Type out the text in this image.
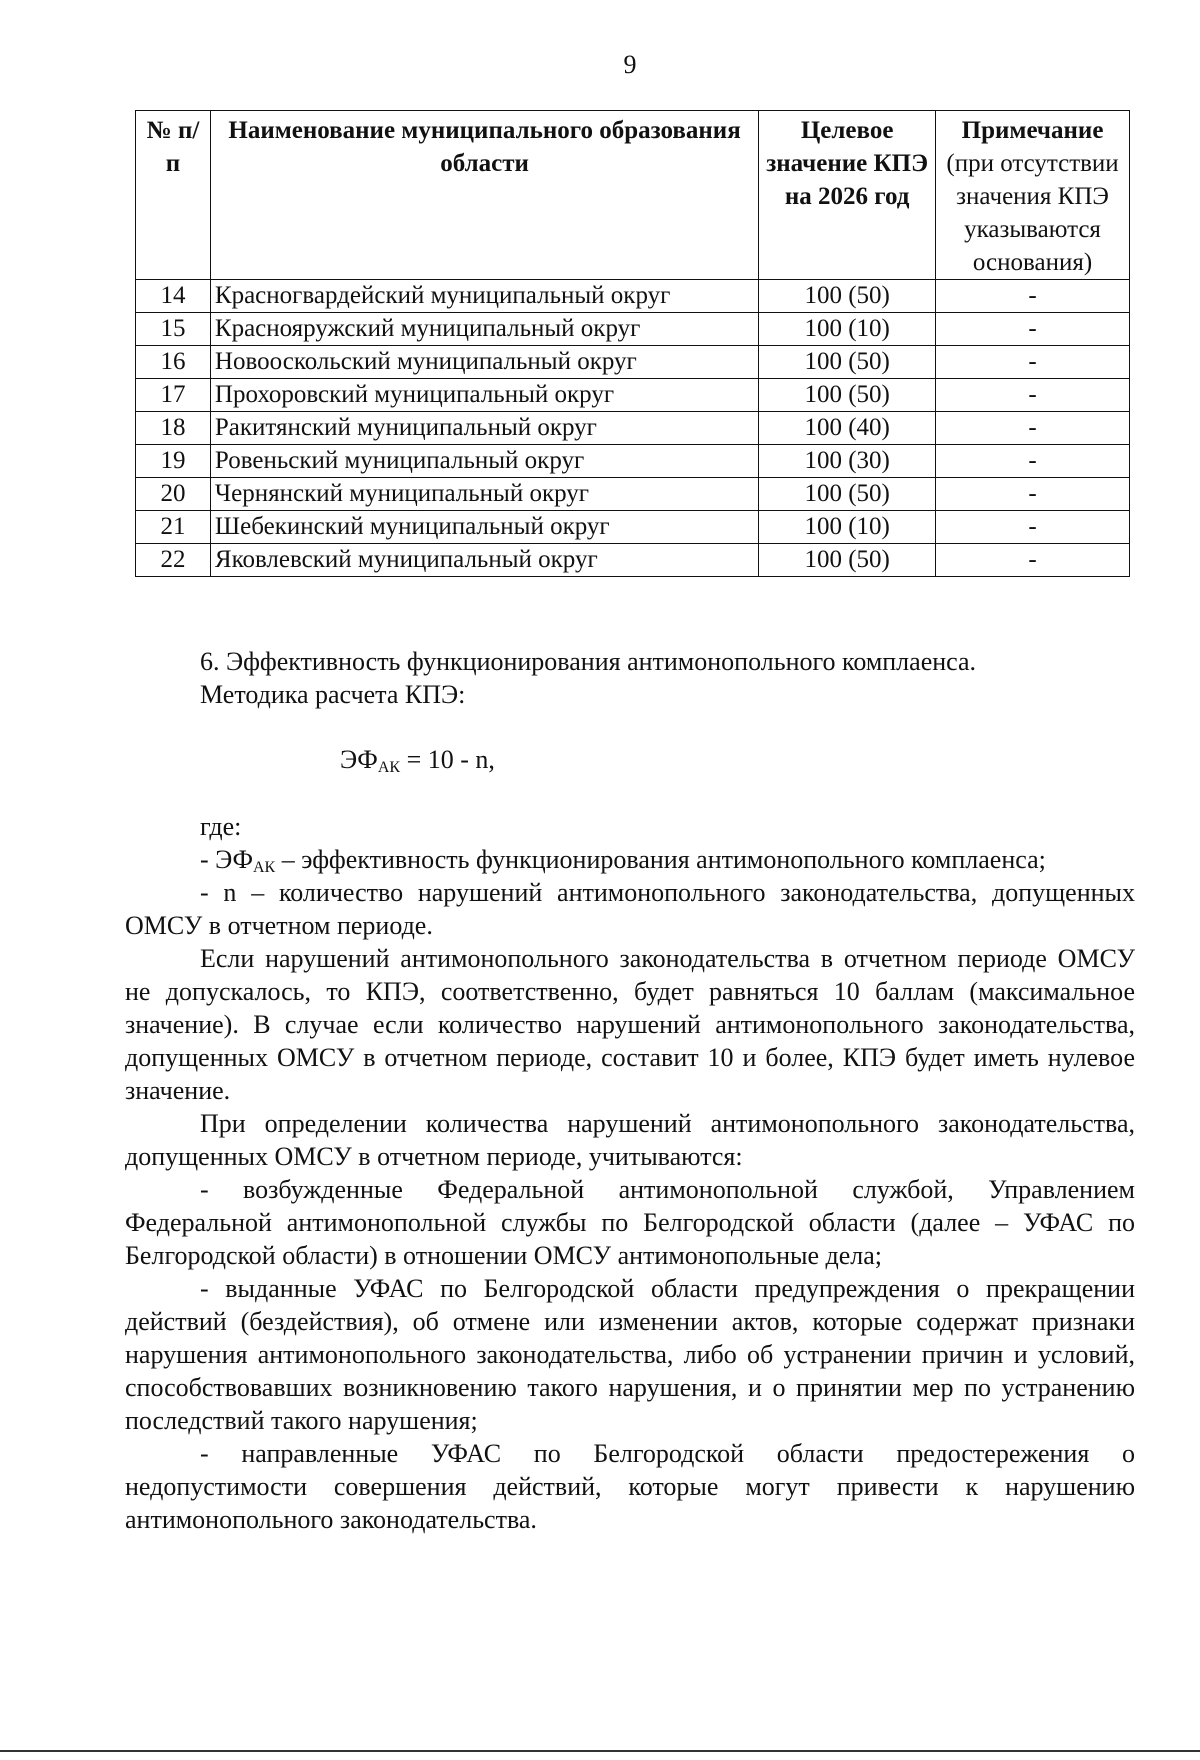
9
№ п/п	Наименование муниципального образования области	Целевое значение КПЭ на 2026 год	Примечание (при отсутствии значения КПЭ указываются основания)
14	Красногвардейский муниципальный округ	100 (50)	-
15	Краснояружский муниципальный округ	100 (10)	-
16	Новооскольский муниципальный округ	100 (50)	-
17	Прохоровский муниципальный округ	100 (50)	-
18	Ракитянский муниципальный округ	100 (40)	-
19	Ровеньский муниципальный округ	100 (30)	-
20	Чернянский муниципальный округ	100 (50)	-
21	Шебекинский муниципальный округ	100 (10)	-
22	Яковлевский муниципальный округ	100 (50)	-

6. Эффективность функционирования антимонопольного комплаенса.

Методика расчета КПЭ:

$ЭФ_{АК} = 10 - n$,

где:

- $ЭФ_{АК}$ – эффективность функционирования антимонопольного комплаенса;

- n – количество нарушений антимонопольного законодательства, допущенных ОМСУ в отчетном периоде.

Если нарушений антимонопольного законодательства в отчетном периоде ОМСУ не допускалось, то КПЭ, соответственно, будет равняться 10 баллам (максимальное значение). В случае если количество нарушений антимонопольного законодательства, допущенных ОМСУ в отчетном периоде, составит 10 и более, КПЭ будет иметь нулевое значение.

При определении количества нарушений антимонопольного законодательства, допущенных ОМСУ в отчетном периоде, учитываются:

- возбужденные Федеральной антимонопольной службой, Управлением Федеральной антимонопольной службы по Белгородской области (далее – УФАС по Белгородской области) в отношении ОМСУ антимонопольные дела;

- выданные УФАС по Белгородской области предупреждения о прекращении действий (бездействия), об отмене или изменении актов, которые содержат признаки нарушения антимонопольного законодательства, либо об устранении причин и условий, способствовавших возникновению такого нарушения, и о принятии мер по устранению последствий такого нарушения;

- направленные УФАС по Белгородской области предостережения о недопустимости совершения действий, которые могут привести к нарушению антимонопольного законодательства.
